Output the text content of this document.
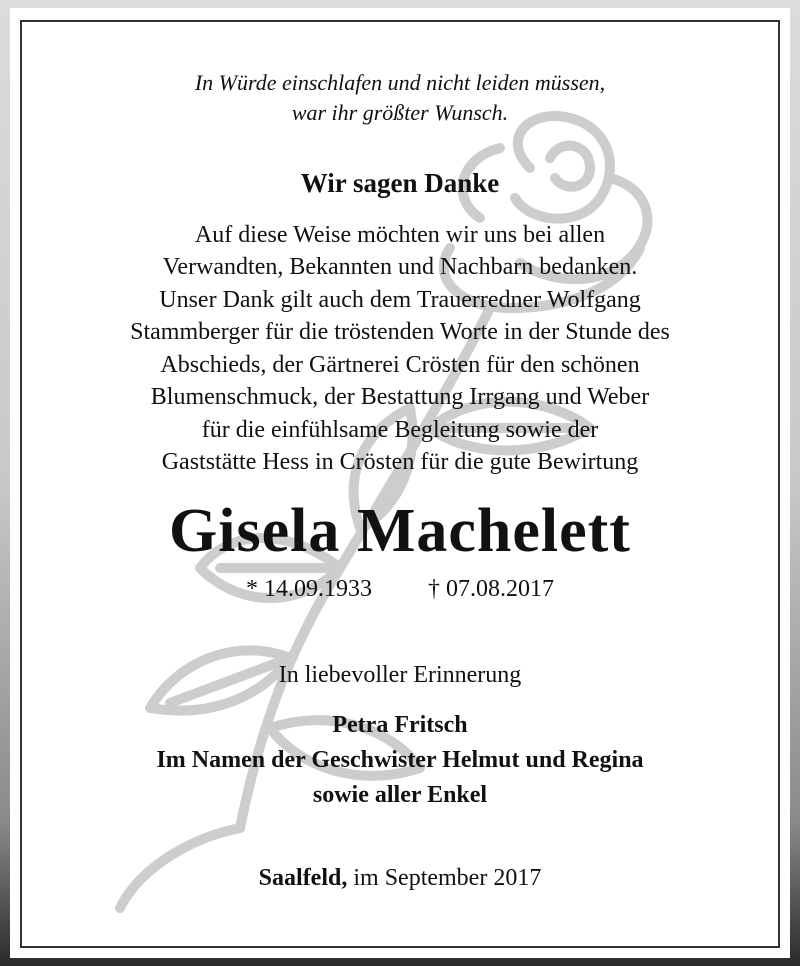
In Würde einschlafen und nicht leiden müssen,
war ihr größter Wunsch.
Wir sagen Danke
Auf diese Weise möchten wir uns bei allen
Verwandten, Bekannten und Nachbarn bedanken.
Unser Dank gilt auch dem Trauerredner Wolfgang
Stammberger für die tröstenden Worte in der Stunde des
Abschieds, der Gärtnerei Crösten für den schönen
Blumenschmuck, der Bestattung Irrgang und Weber
für die einfühlsame Begleitung sowie der
Gaststätte Hess in Crösten für die gute Bewirtung
Gisela Machelett
* 14.09.1933 † 07.08.2017
In liebevoller Erinnerung
Petra Fritsch
Im Namen der Geschwister Helmut und Regina
sowie aller Enkel
Saalfeld, im September 2017
